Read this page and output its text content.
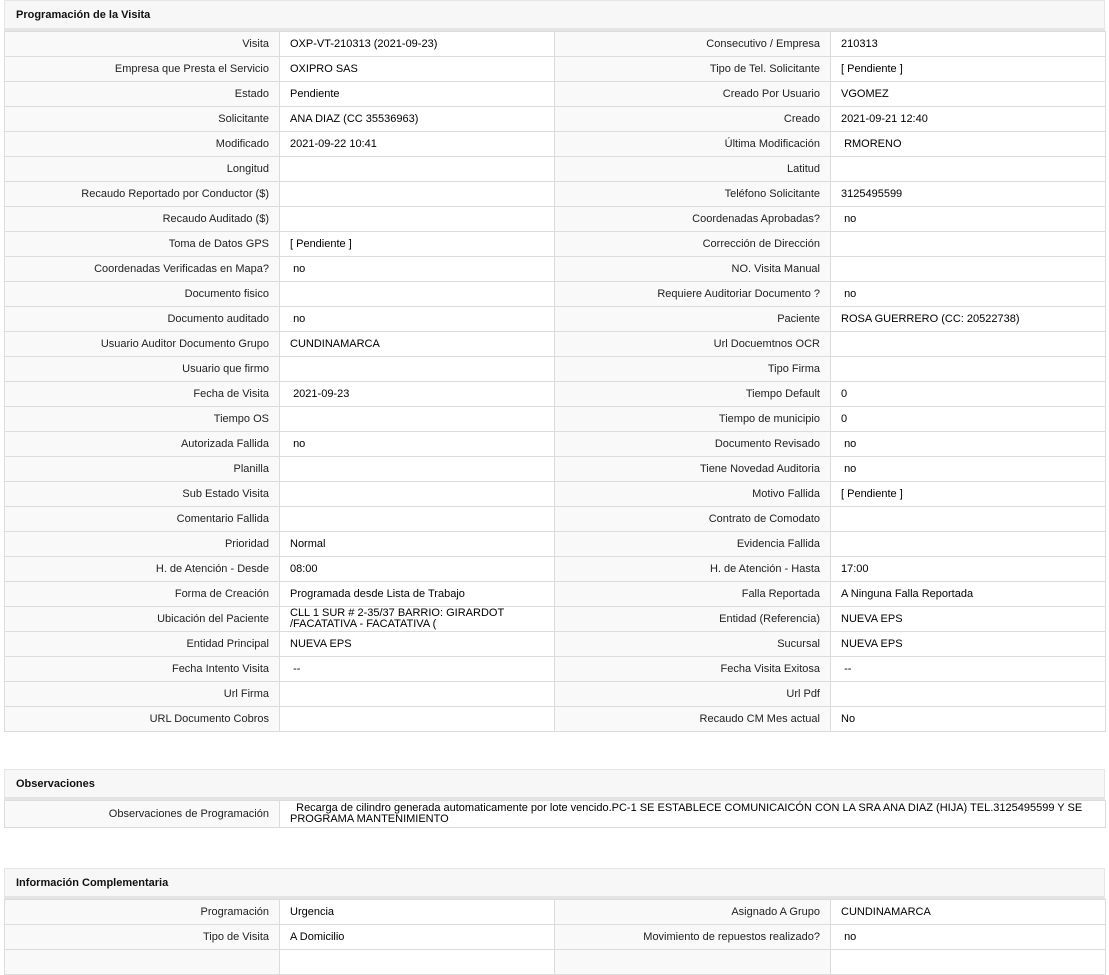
Programación de la Visita
Visita	OXP-VT-210313 (2021-09-23)	Consecutivo / Empresa	210313
Empresa que Presta el Servicio	OXIPRO SAS	Tipo de Tel. Solicitante	[ Pendiente ]
Estado	Pendiente	Creado Por Usuario	VGOMEZ
Solicitante	ANA DIAZ (CC 35536963)	Creado	2021-09-21 12:40
Modificado	2021-09-22 10:41	Última Modificación	RMORENO
Longitud		Latitud	
Recaudo Reportado por Conductor ($)		Teléfono Solicitante	3125495599
Recaudo Auditado ($)		Coordenadas Aprobadas?	no
Toma de Datos GPS	[ Pendiente ]	Corrección de Dirección	
Coordenadas Verificadas en Mapa?	no	NO. Visita Manual	
Documento fisico		Requiere Auditoriar Documento ?	no
Documento auditado	no	Paciente	ROSA GUERRERO (CC: 20522738)
Usuario Auditor Documento Grupo	CUNDINAMARCA	Url Docuemtnos OCR	
Usuario que firmo		Tipo Firma	
Fecha de Visita	2021-09-23	Tiempo Default	0
Tiempo OS		Tiempo de municipio	0
Autorizada Fallida	no	Documento Revisado	no
Planilla		Tiene Novedad Auditoria	no
Sub Estado Visita		Motivo Fallida	[ Pendiente ]
Comentario Fallida		Contrato de Comodato	
Prioridad	Normal	Evidencia Fallida	
H. de Atención - Desde	08:00	H. de Atención - Hasta	17:00
Forma de Creación	Programada desde Lista de Trabajo	Falla Reportada	A Ninguna Falla Reportada
Ubicación del Paciente	CLL 1 SUR # 2-35/37 BARRIO: GIRARDOT /FACATATIVA - FACATATIVA (	Entidad (Referencia)	NUEVA EPS
Entidad Principal	NUEVA EPS	Sucursal	NUEVA EPS
Fecha Intento Visita	--	Fecha Visita Exitosa	--
Url Firma		Url Pdf	
URL Documento Cobros		Recaudo CM Mes actual	No
Observaciones
Observaciones de Programación	Recarga de cilindro generada automaticamente por lote vencido.PC-1 SE ESTABLECE COMUNICAICÓN CON LA SRA ANA DIAZ (HIJA) TEL.3125495599 Y SE PROGRAMA MANTENIMIENTO
Información Complementaria
Programación	Urgencia	Asignado A Grupo	CUNDINAMARCA
Tipo de Visita	A Domicilio	Movimiento de repuestos realizado?	no
